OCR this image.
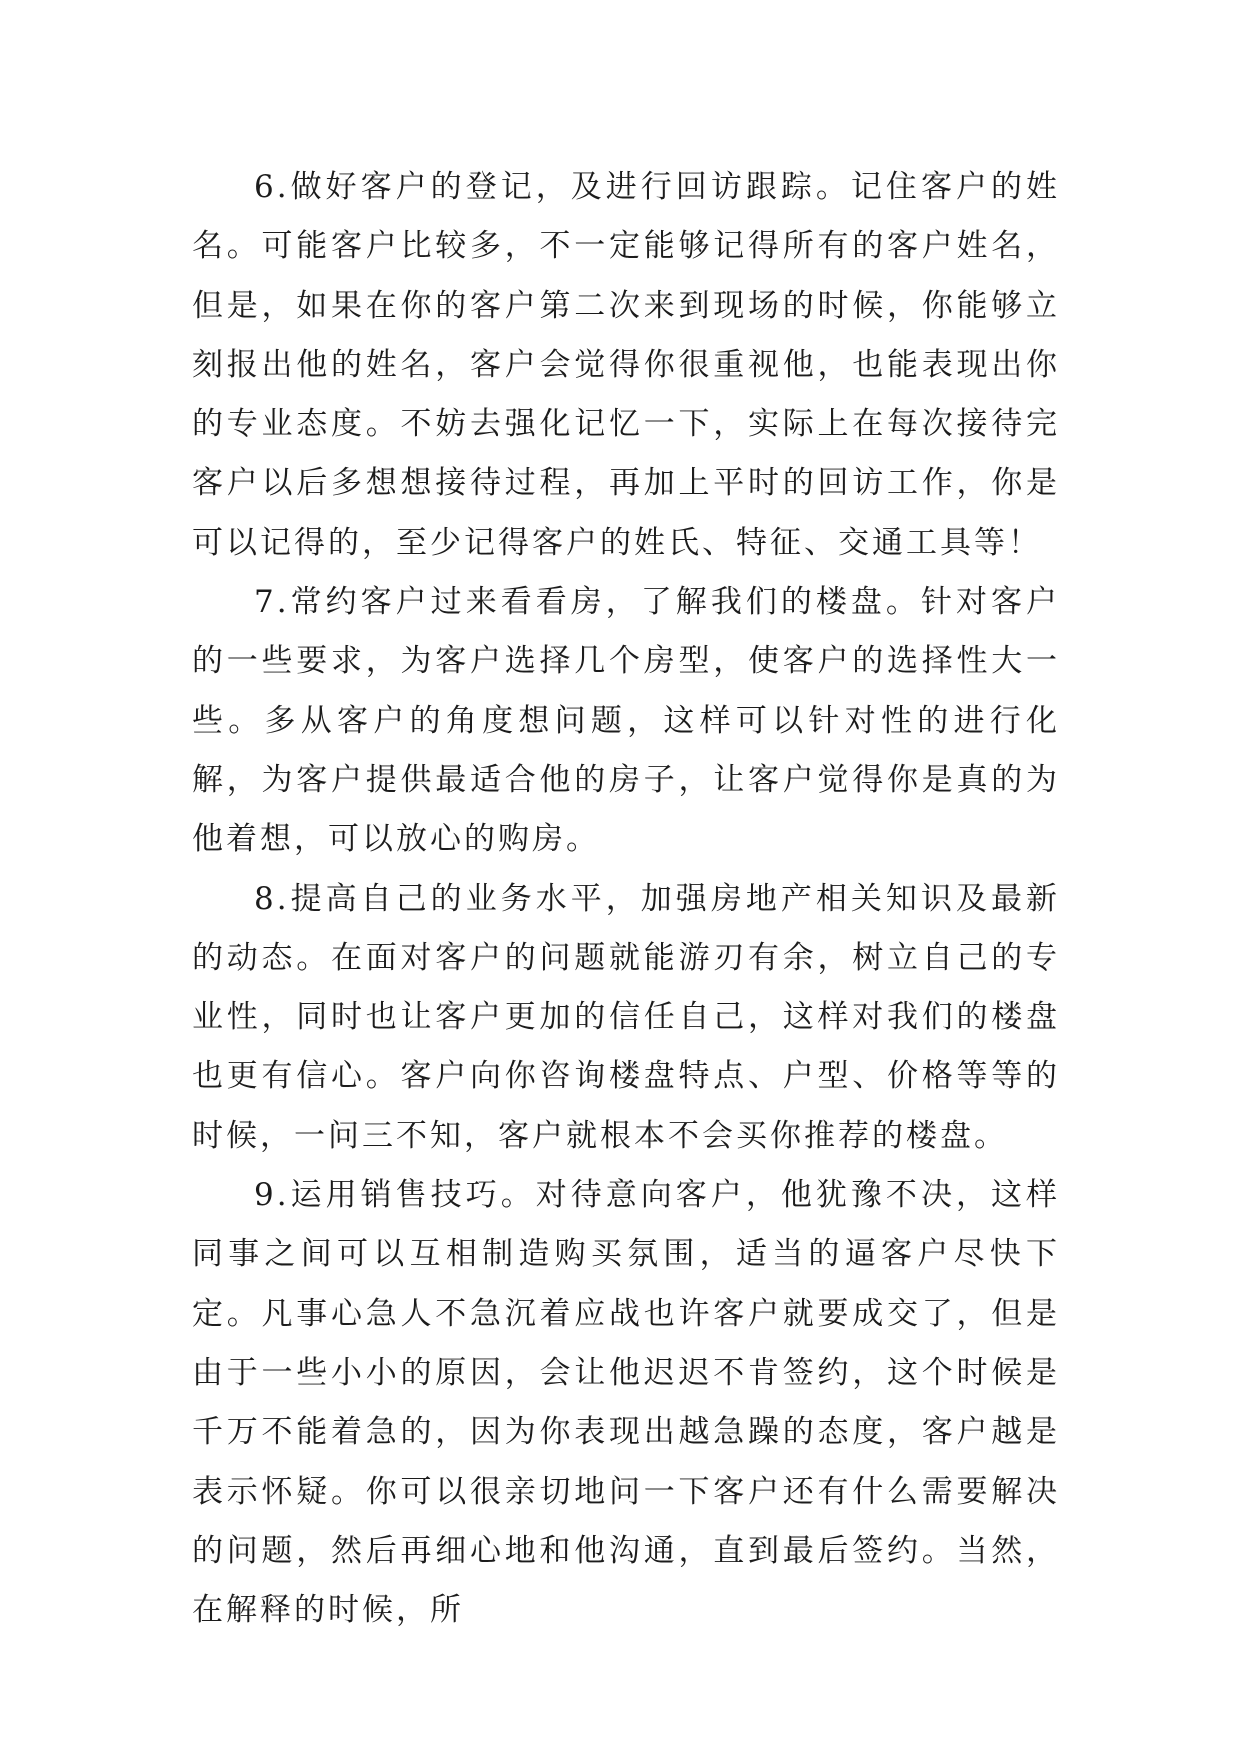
6.做好客户的登记，及进行回访跟踪。记住客户的姓名。可能客户比较多，不一定能够记得所有的客户姓名，但是，如果在你的客户第二次来到现场的时候，你能够立刻报出他的姓名，客户会觉得你很重视他，也能表现出你的专业态度。不妨去强化记忆一下，实际上在每次接待完客户以后多想想接待过程，再加上平时的回访工作，你是可以记得的，至少记得客户的姓氏、特征、交通工具等！

7.常约客户过来看看房，了解我们的楼盘。针对客户的一些要求，为客户选择几个房型，使客户的选择性大一些。多从客户的角度想问题，这样可以针对性的进行化解，为客户提供最适合他的房子，让客户觉得你是真的为他着想，可以放心的购房。

8.提高自己的业务水平，加强房地产相关知识及最新的动态。在面对客户的问题就能游刃有余，树立自己的专业性，同时也让客户更加的信任自己，这样对我们的楼盘也更有信心。客户向你咨询楼盘特点、户型、价格等等的时候，一问三不知，客户就根本不会买你推荐的楼盘。

9.运用销售技巧。对待意向客户，他犹豫不决，这样同事之间可以互相制造购买氛围，适当的逼客户尽快下定。凡事心急人不急沉着应战也许客户就要成交了，但是由于一些小小的原因，会让他迟迟不肯签约，这个时候是千万不能着急的，因为你表现出越急躁的态度，客户越是表示怀疑。你可以很亲切地问一下客户还有什么需要解决的问题，然后再细心地和他沟通，直到最后签约。当然，在解释的时候，所
